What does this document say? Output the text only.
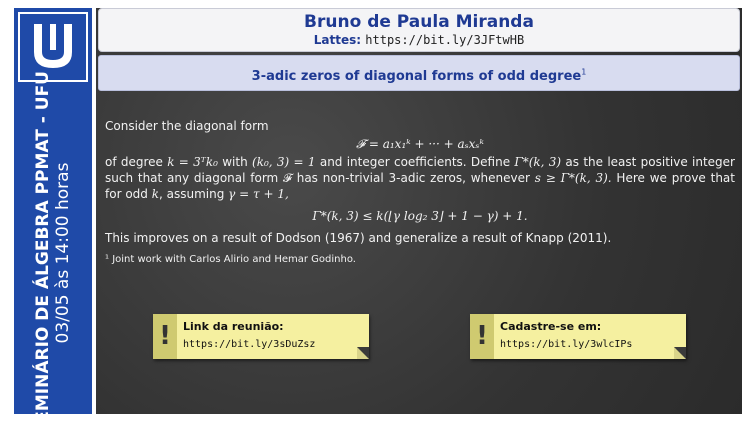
SEMINÁRIO DE ÁLGEBRA PPMAT - UFU 03/05 às 14:00 horas
Bruno de Paula Miranda
Lattes: https://bit.ly/3JFtwHB
3-adic zeros of diagonal forms of odd degree$^1$

Consider the diagonal form

𝓕 = a₁x₁ᵏ + ··· + aₛxₛᵏ

of degree k = 3ᵀk₀ with (k₀, 3) = 1 and integer coefficients. Define Γ*(k, 3) as the least positive integer such that any diagonal form 𝓕 has non-trivial 3-adic zeros, whenever s ≥ Γ*(k, 3). Here we prove that for odd k, assuming γ = τ + 1,

Γ*(k, 3) ≤ k(⌊γ log₂ 3⌋ + 1 − γ) + 1.

This improves on a result of Dodson (1967) and generalize a result of Knapp (2011).

¹ Joint work with Carlos Alirio and Hemar Godinho.

!	Link da reunião:
https://bit.ly/3sDuZsz	!	Cadastre-se em:
https://bit.ly/3wlcIPs
